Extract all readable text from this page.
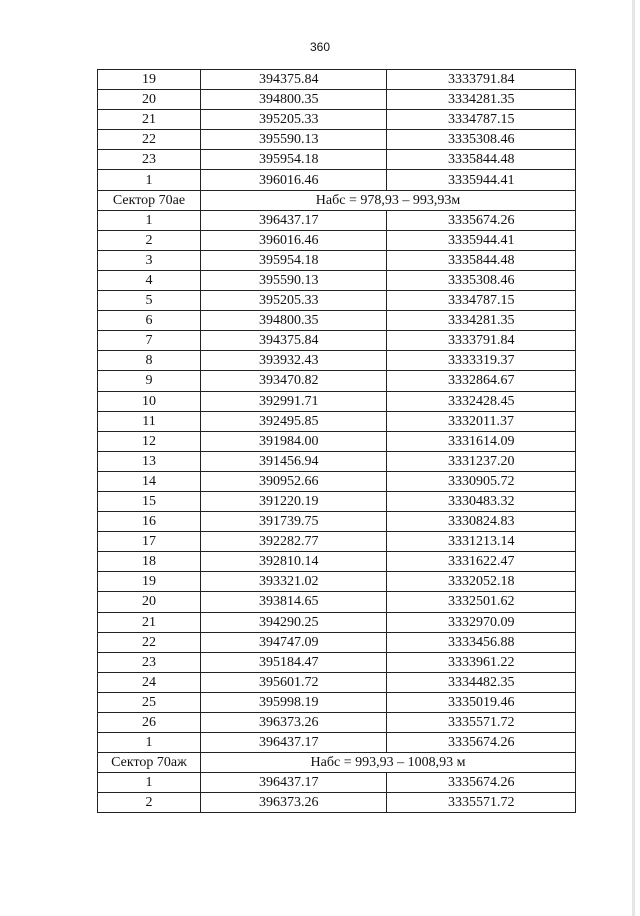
360
19	394375.84	3333791.84
20	394800.35	3334281.35
21	395205.33	3334787.15
22	395590.13	3335308.46
23	395954.18	3335844.48
1	396016.46	3335944.41
Сектор 70ае	Набс = 978,93 – 993,93м	
1	396437.17	3335674.26
2	396016.46	3335944.41
3	395954.18	3335844.48
4	395590.13	3335308.46
5	395205.33	3334787.15
6	394800.35	3334281.35
7	394375.84	3333791.84
8	393932.43	3333319.37
9	393470.82	3332864.67
10	392991.71	3332428.45
11	392495.85	3332011.37
12	391984.00	3331614.09
13	391456.94	3331237.20
14	390952.66	3330905.72
15	391220.19	3330483.32
16	391739.75	3330824.83
17	392282.77	3331213.14
18	392810.14	3331622.47
19	393321.02	3332052.18
20	393814.65	3332501.62
21	394290.25	3332970.09
22	394747.09	3333456.88
23	395184.47	3333961.22
24	395601.72	3334482.35
25	395998.19	3335019.46
26	396373.26	3335571.72
1	396437.17	3335674.26
Сектор 70аж	Набс = 993,93 – 1008,93 м	
1	396437.17	3335674.26
2	396373.26	3335571.72
